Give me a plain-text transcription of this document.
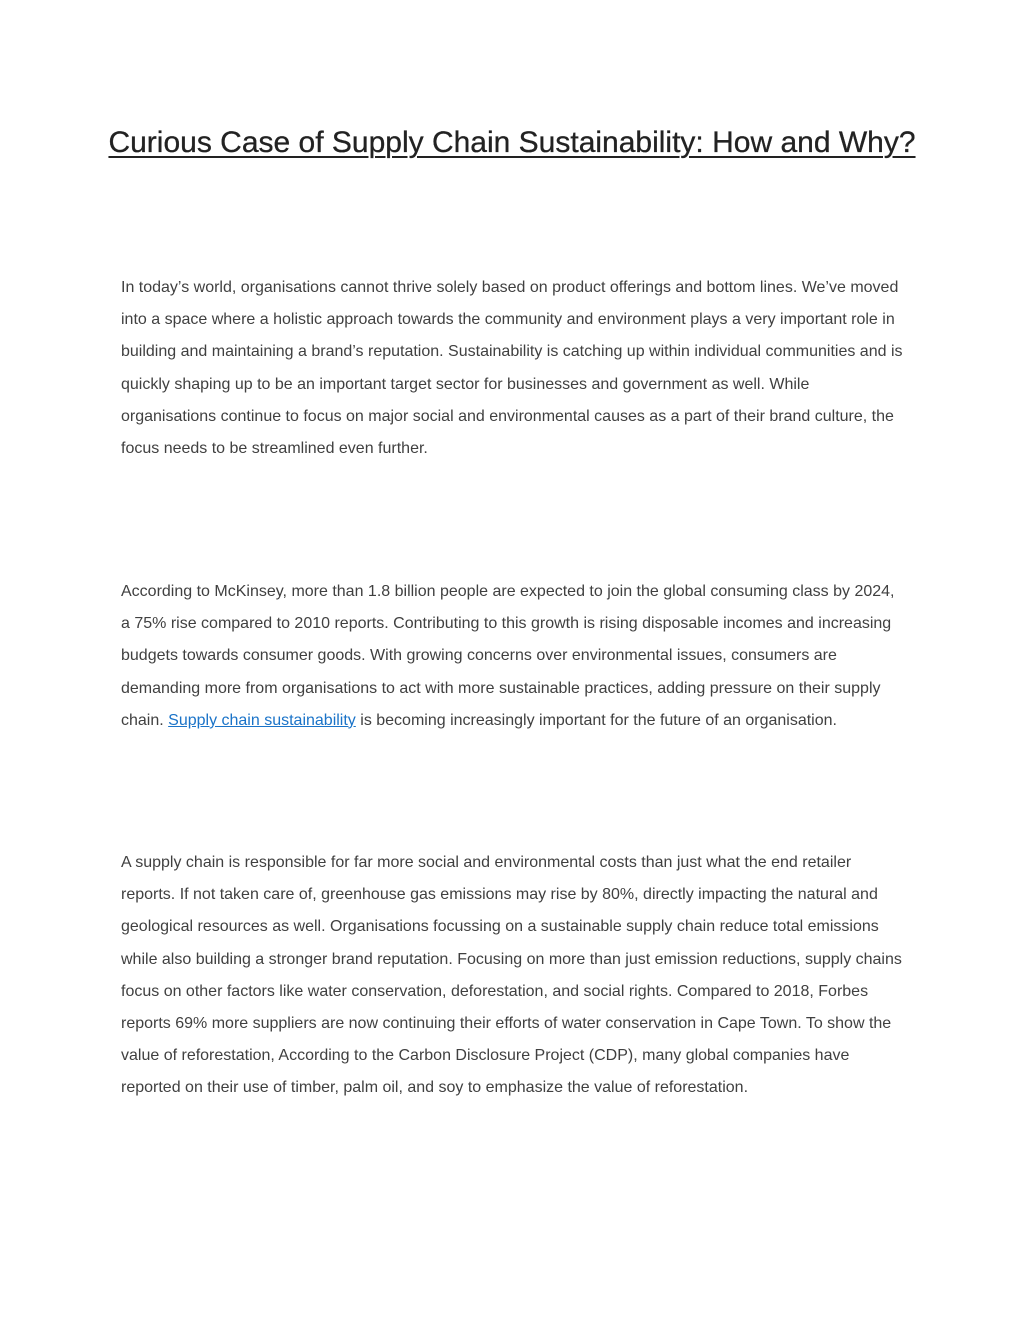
Curious Case of Supply Chain Sustainability: How and Why?

In today’s world, organisations cannot thrive solely based on product offerings and bottom lines. We’ve moved into a space where a holistic approach towards the community and environment plays a very important role in building and maintaining a brand’s reputation. Sustainability is catching up within individual communities and is quickly shaping up to be an important target sector for businesses and government as well. While organisations continue to focus on major social and environmental causes as a part of their brand culture, the focus needs to be streamlined even further.

According to McKinsey, more than 1.8 billion people are expected to join the global consuming class by 2024, a 75% rise compared to 2010 reports. Contributing to this growth is rising disposable incomes and increasing budgets towards consumer goods. With growing concerns over environmental issues, consumers are demanding more from organisations to act with more sustainable practices, adding pressure on their supply chain. Supply chain sustainability is becoming increasingly important for the future of an organisation.

A supply chain is responsible for far more social and environmental costs than just what the end retailer reports. If not taken care of, greenhouse gas emissions may rise by 80%, directly impacting the natural and geological resources as well. Organisations focussing on a sustainable supply chain reduce total emissions while also building a stronger brand reputation. Focusing on more than just emission reductions, supply chains focus on other factors like water conservation, deforestation, and social rights. Compared to 2018, Forbes reports 69% more suppliers are now continuing their efforts of water conservation in Cape Town. To show the value of reforestation, According to the Carbon Disclosure Project (CDP), many global companies have reported on their use of timber, palm oil, and soy to emphasize the value of reforestation.
